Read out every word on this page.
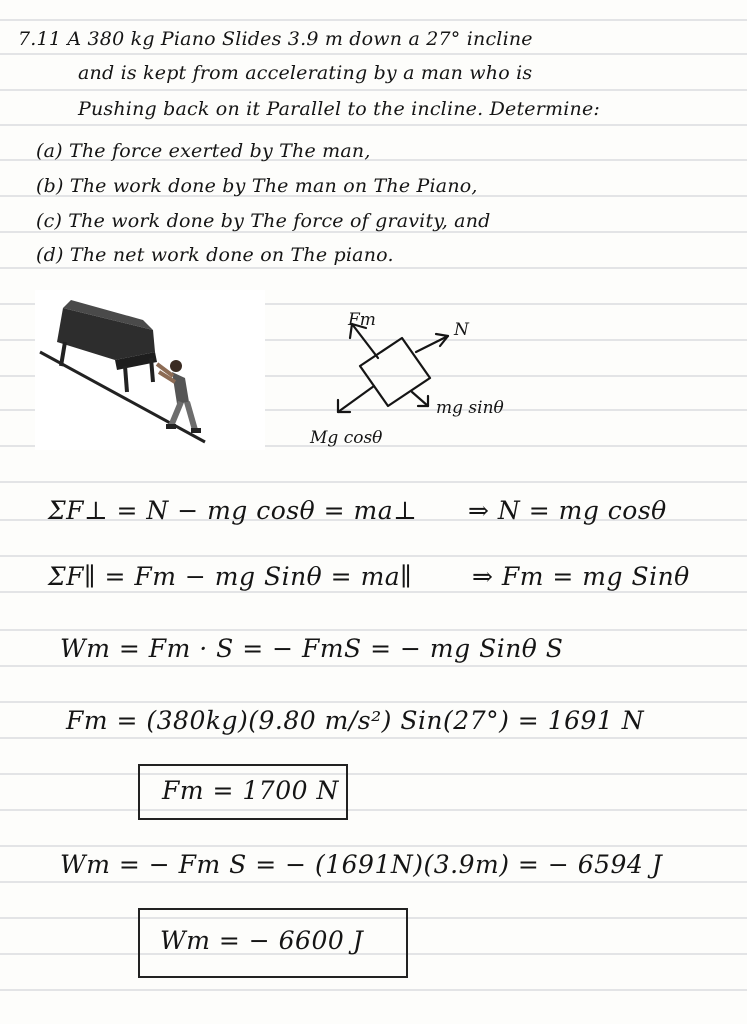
7.11 A 380 kg Piano Slides 3.9 m down a 27° incline
and is kept from accelerating by a man who is
Pushing back on it Parallel to the incline. Determine:
(a) The force exerted by The man,
(b) The work done by The man on The Piano,
(c) The work done by The force of gravity, and
(d) The net work done on The piano.
Fm	N
mg sinθ
Mg cosθ
ΣF⊥ = N − mg cosθ = ma⊥ ⇒ N = mg cosθ
ΣF∥ = Fm − mg Sinθ = ma∥ ⇒ Fm = mg Sinθ
Wm = Fm · S = − FmS = − mg Sinθ S
Fm = (380kg)(9.80 m/s²) Sin(27°) = 1691 N
Fm = 1700 N
Wm = − Fm S = − (1691N)(3.9m) = − 6594 J
Wm = − 6600 J
